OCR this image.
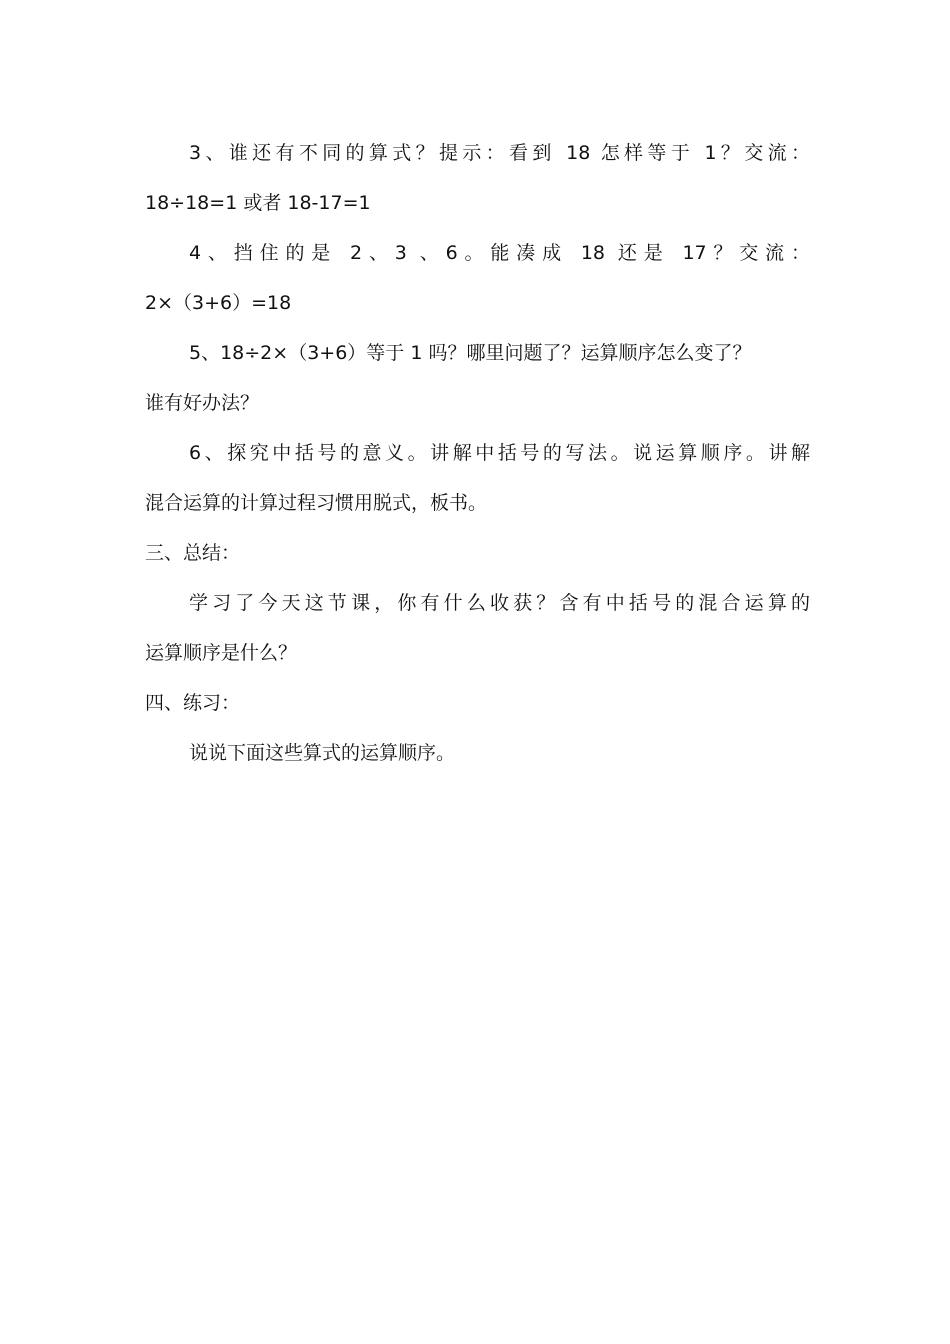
3、谁还有不同的算式？提示：看到 18 怎样等于 1？交流：
18÷18=1 或者 18-17=1
4、挡住的是 2、3 、6。能凑成 18 还是 17？交流：
2×（3+6）=18
5、18÷2×（3+6）等于 1 吗？哪里问题了？运算顺序怎么变了？
谁有好办法？
6、探究中括号的意义。讲解中括号的写法。说运算顺序。讲解
混合运算的计算过程习惯用脱式，板书。
三、总结：
学习了今天这节课，你有什么收获？含有中括号的混合运算的
运算顺序是什么？
四、练习：
说说下面这些算式的运算顺序。
